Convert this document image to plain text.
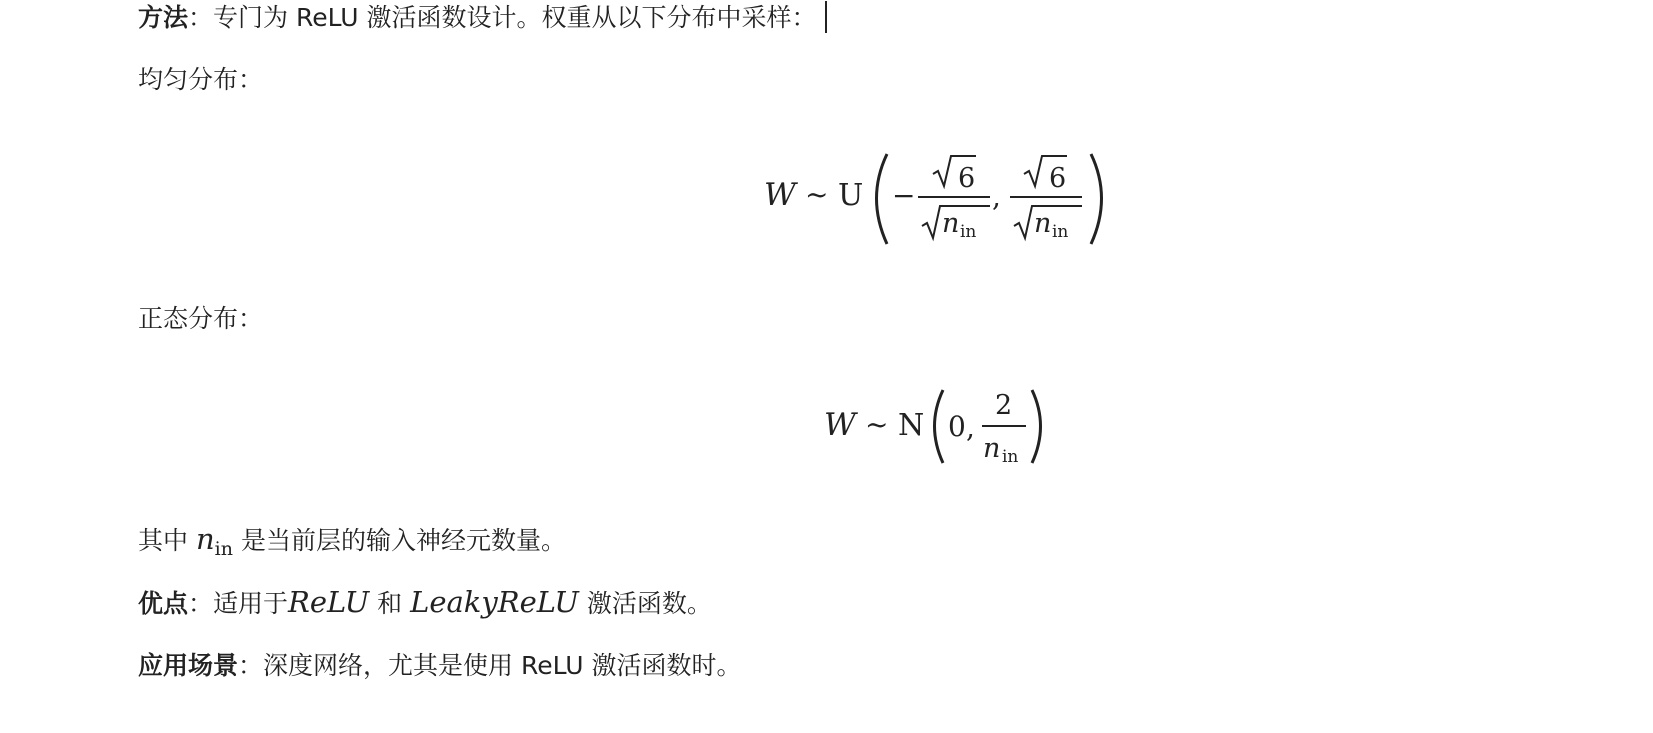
方法：专门为 ReLU 激活函数设计。权重从以下分布中采样：
均匀分布：
W ~ U −
6
n in
,
6
n in
正态分布：
W ~ N 0 ,
2
n in
其中 $n_{in}$ 是当前层的输入神经元数量。
优点：适用于ReLU 和 LeakyReLU 激活函数。
应用场景：深度网络，尤其是使用 ReLU 激活函数时。
